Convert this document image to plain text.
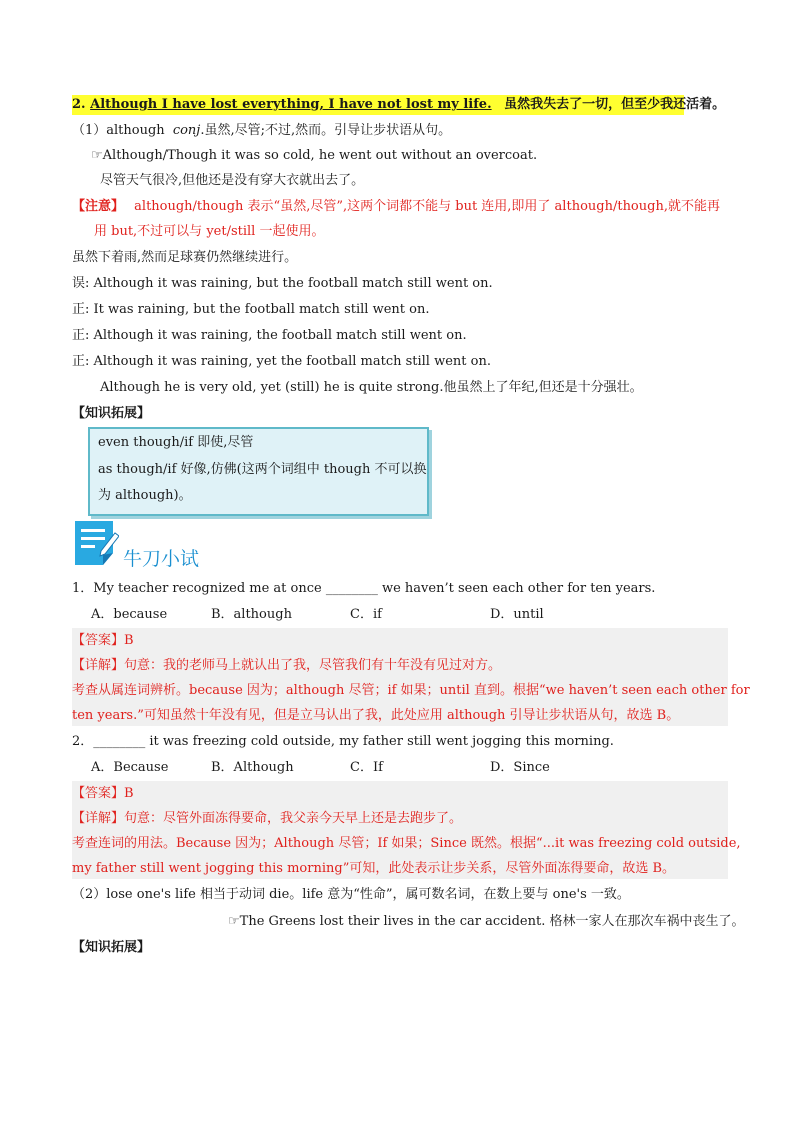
2. Although I have lost everything, I have not lost my life. 虽然我失去了一切，但至少我还活着。
（1）although conj.虽然,尽管;不过,然而。引导让步状语从句。
☞Although/Though it was so cold, he went out without an overcoat.
尽管天气很冷,但他还是没有穿大衣就出去了。
【注意】 although/though 表示“虽然,尽管”,这两个词都不能与 but 连用,即用了 although/though,就不能再
用 but,不过可以与 yet/still 一起使用。
虽然下着雨,然而足球赛仍然继续进行。
误: Although it was raining, but the football match still went on.
正: It was raining, but the football match still went on.
正: Although it was raining, the football match still went on.
正: Although it was raining, yet the football match still went on.
Although he is very old, yet (still) he is quite strong.他虽然上了年纪,但还是十分强壮。
【知识拓展】
even though/if 即使,尽管
as though/if 好像,仿佛(这两个词组中 though 不可以换
为 although)。
牛刀小试
1．My teacher recognized me at once ________ we haven’t seen each other for ten years.
A．because	B．although	C．if	D．until
【答案】B
【详解】句意：我的老师马上就认出了我，尽管我们有十年没有见过对方。
考查从属连词辨析。because 因为；although 尽管；if 如果；until 直到。根据“we haven’t seen each other for
ten years.”可知虽然十年没有见，但是立马认出了我，此处应用 although 引导让步状语从句，故选 B。
2．________ it was freezing cold outside, my father still went jogging this morning.
A．Because	B．Although	C．If	D．Since
【答案】B
【详解】句意：尽管外面冻得要命，我父亲今天早上还是去跑步了。
考查连词的用法。Because 因为；Although 尽管；If 如果；Since 既然。根据“...it was freezing cold outside,
my father still went jogging this morning”可知，此处表示让步关系，尽管外面冻得要命，故选 B。
（2）lose one's life 相当于动词 die。life 意为“性命”，属可数名词，在数上要与 one's 一致。
☞The Greens lost their lives in the car accident. 格林一家人在那次车祸中丧生了。
【知识拓展】
